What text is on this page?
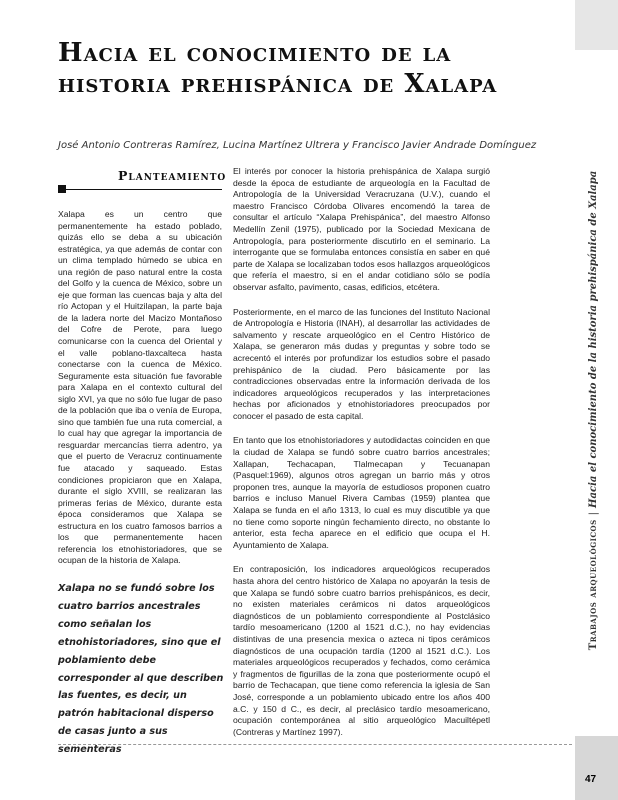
Trabajos arqueológicos|Hacia el conocimiento de la historia prehispánica de Xalapa
47
Hacia el conocimiento de la historia prehispánica de Xalapa
José Antonio Contreras Ramírez, Lucina Martínez Ultrera y Francisco Javier Andrade Domínguez
Planteamiento
Xalapa es un centro que permanentemente ha estado poblado, quizás ello se deba a su ubicación estratégica, ya que además de contar con un clima templado húmedo se ubica en una región de paso natural entre la costa del Golfo y la cuenca de México, sobre un eje que forman las cuencas baja y alta del río Actopan y el Huitzilapan, la parte baja de la ladera norte del Macizo Montañoso del Cofre de Perote, para luego comunicarse con la cuenca del Oriental y el valle poblano-tlaxcalteca hasta conectarse con la cuenca de México. Seguramente esta situación fue favorable para Xalapa en el contexto cultural del siglo XVI, ya que no sólo fue lugar de paso de la población que iba o venía de Europa, sino que también fue una ruta comercial, a lo cual hay que agregar la importancia de resguardar mercancías tierra adentro, ya que el puerto de Veracruz continuamente fue atacado y saqueado. Estas condiciones propiciaron que en Xalapa, durante el siglo XVIII, se realizaran las primeras ferias de México, durante esta época consideramos que Xalapa se estructura en los cuatro famosos barrios a los que permanentemente hacen referencia los etnohistoriadores, que se ocupan de la historia de Xalapa.
Xalapa no se fundó sobre los cuatro barrios ancestrales como señalan los etnohistoriadores, sino que el poblamiento debe corresponder al que describen las fuentes, es decir, un patrón habitacional disperso de casas junto a sus sementeras

El interés por conocer la historia prehispánica de Xalapa surgió desde la época de estudiante de arqueología en la Facultad de Antropología de la Universidad Veracruzana (U.V.), cuando el maestro Francisco Córdoba Olivares encomendó la tarea de consultar el artículo “Xalapa Prehispánica”, del maestro Alfonso Medellín Zenil (1975), publicado por la Sociedad Mexicana de Antropología, para posteriormente discutirlo en el seminario. La interrogante que se formulaba entonces consistía en saber en qué parte de Xalapa se localizaban todos esos hallazgos arqueológicos que refería el maestro, si en el andar cotidiano sólo se podía observar asfalto, pavimento, casas, edificios, etcétera.

Posteriormente, en el marco de las funciones del Instituto Nacional de Antropología e Historia (INAH), al desarrollar las actividades de salvamento y rescate arqueológico en el Centro Histórico de Xalapa, se generaron más dudas y preguntas y sobre todo se acrecentó el interés por profundizar los estudios sobre el pasado prehispánico de la ciudad. Pero básicamente por las contradicciones observadas entre la información derivada de los indicadores arqueológicos recuperados y las interpretaciones hechas por aficionados y etnohistoriadores preocupados por conocer el pasado de esta capital.

En tanto que los etnohistoriadores y autodidactas coinciden en que la ciudad de Xalapa se fundó sobre cuatro barrios ancestrales; Xallapan, Techacapan, Tlalmecapan y Tecuanapan (Pasquel:1969), algunos otros agregan un barrio más y otros proponen tres, aunque la mayoría de estudiosos proponen cuatro barrios e incluso Manuel Rivera Cambas (1959) plantea que Xalapa se funda en el año 1313, lo cual es muy discutible ya que no tiene como soporte ningún fechamiento directo, no obstante lo anterior, esta fecha aparece en el edificio que ocupa el H. Ayuntamiento de Xalapa.

En contraposición, los indicadores arqueológicos recuperados hasta ahora del centro histórico de Xalapa no apoyarán la tesis de que Xalapa se fundó sobre cuatro barrios prehispánicos, es decir, no existen materiales cerámicos ni datos arqueológicos diagnósticos de un poblamiento correspondiente al Postclásico tardío mesoamericano (1200 al 1521 d.C.), no hay evidencias distintivas de una presencia mexica o azteca ni tipos cerámicos diagnósticos de una ocupación tardía (1200 al 1521 d.C.). Los materiales arqueológicos recuperados y fechados, como cerámica y fragmentos de figurillas de la zona que posteriormente ocupó el barrio de Techacapan, que tiene como referencia la iglesia de San José, corresponde a un poblamiento ubicado entre los años 400 a.C. y 150 d C., es decir, al preclásico tardío mesoamericano, ocupación contemporánea al sitio arqueológico Macuiltépetl (Contreras y Martínez 1997).
